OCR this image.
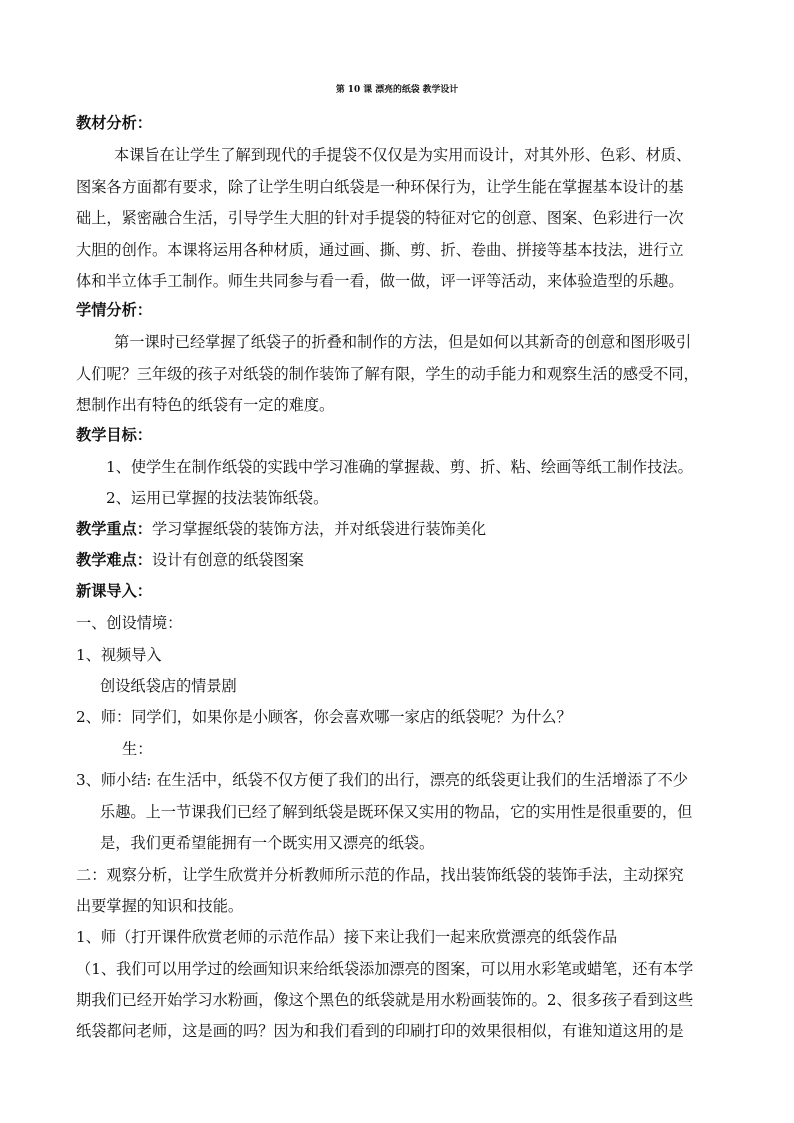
第 10 课 漂亮的纸袋 教学设计
教材分析：
本课旨在让学生了解到现代的手提袋不仅仅是为实用而设计，对其外形、色彩、材质、
图案各方面都有要求，除了让学生明白纸袋是一种环保行为，让学生能在掌握基本设计的基
础上，紧密融合生活，引导学生大胆的针对手提袋的特征对它的创意、图案、色彩进行一次
大胆的创作。本课将运用各种材质，通过画、撕、剪、折、卷曲、拼接等基本技法，进行立
体和半立体手工制作。师生共同参与看一看，做一做，评一评等活动，来体验造型的乐趣。
学情分析：
第一课时已经掌握了纸袋子的折叠和制作的方法，但是如何以其新奇的创意和图形吸引
人们呢？三年级的孩子对纸袋的制作装饰了解有限，学生的动手能力和观察生活的感受不同，
想制作出有特色的纸袋有一定的难度。
教学目标：
1、使学生在制作纸袋的实践中学习准确的掌握裁、剪、折、粘、绘画等纸工制作技法。
2、运用已掌握的技法装饰纸袋。
教学重点：学习掌握纸袋的装饰方法，并对纸袋进行装饰美化
教学难点：设计有创意的纸袋图案
新课导入：
一、创设情境：
1、视频导入
创设纸袋店的情景剧
2、师：同学们，如果你是小顾客，你会喜欢哪一家店的纸袋呢？为什么？
生：
3、师小结: 在生活中，纸袋不仅方便了我们的出行，漂亮的纸袋更让我们的生活增添了不少
乐趣。上一节课我们已经了解到纸袋是既环保又实用的物品，它的实用性是很重要的，但
是，我们更希望能拥有一个既实用又漂亮的纸袋。
二：观察分析，让学生欣赏并分析教师所示范的作品，找出装饰纸袋的装饰手法，主动探究
出要掌握的知识和技能。
1、师（打开课件欣赏老师的示范作品）接下来让我们一起来欣赏漂亮的纸袋作品
（1、我们可以用学过的绘画知识来给纸袋添加漂亮的图案，可以用水彩笔或蜡笔，还有本学
期我们已经开始学习水粉画，像这个黑色的纸袋就是用水粉画装饰的。2、很多孩子看到这些
纸袋都问老师，这是画的吗？因为和我们看到的印刷打印的效果很相似，有谁知道这用的是
